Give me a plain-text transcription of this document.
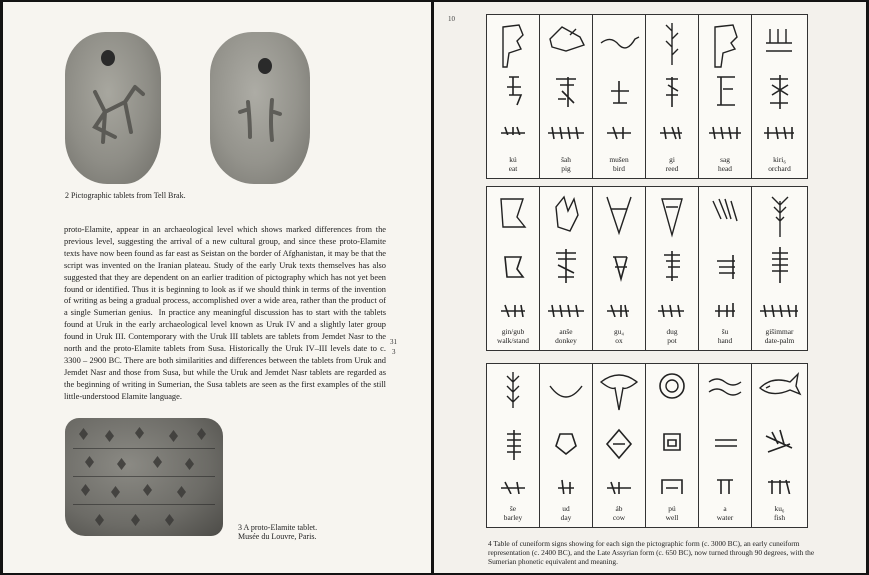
2 Pictographic tablets from Tell Brak.

proto-Elamite, appear in an archaeological level which shows marked differences from the previous level, suggesting the arrival of a new cultural group, and since these proto-Elamite texts have now been found as far east as Seistan on the border of Afghanistan, it may be that the script was invented on the Iranian plateau. Study of the early Uruk texts themselves has also suggested that they are dependent on an earlier tradition of pictography which has not yet been found or identified. Thus it is beginning to look as if we should think in terms of the invention of writing as being a gradual process, accomplished over a wide area, rather than the product of a single Sumerian genius.  In practice any meaningful discussion has to start with the tablets found at Uruk in the early archaeological level known as Uruk IV and a slightly later group found in Uruk III. Contemporary with the Uruk III tablets are tablets from Jemdet Nasr to the north and the proto-Elamite tablets from Susa. Historically the Uruk IV–III levels date to c. 3300 – 2900 BC. There are both similarities and differences between the tablets from Uruk and Jemdet Nasr and those from Susa, but while the Uruk and Jemdet Nasr tablets are regarded as the beginning of writing in Sumerian, the Susa tablets are seen as the first examples of the still little-understood Elamite language.

31
3
3 A proto-Elamite tablet.
Musée du Louvre, Paris.
10
kú
eat
šah
pig
mušen
bird
gi
reed
sag
head
kiri₆
orchard
gin/gub
walk/stand
anše
donkey
gu₄
ox
dug
pot
šu
hand
gišimmar
date-palm
še
barley
ud
day
áb
cow
pú
well
a
water
ku₆
fish

4 Table of cuneiform signs showing for each sign the pictographic form (c. 3000 BC), an early cuneiform representation (c. 2400 BC), and the Late Assyrian form (c. 650 BC), now turned through 90 degrees, with the Sumerian phonetic equivalent and meaning.
